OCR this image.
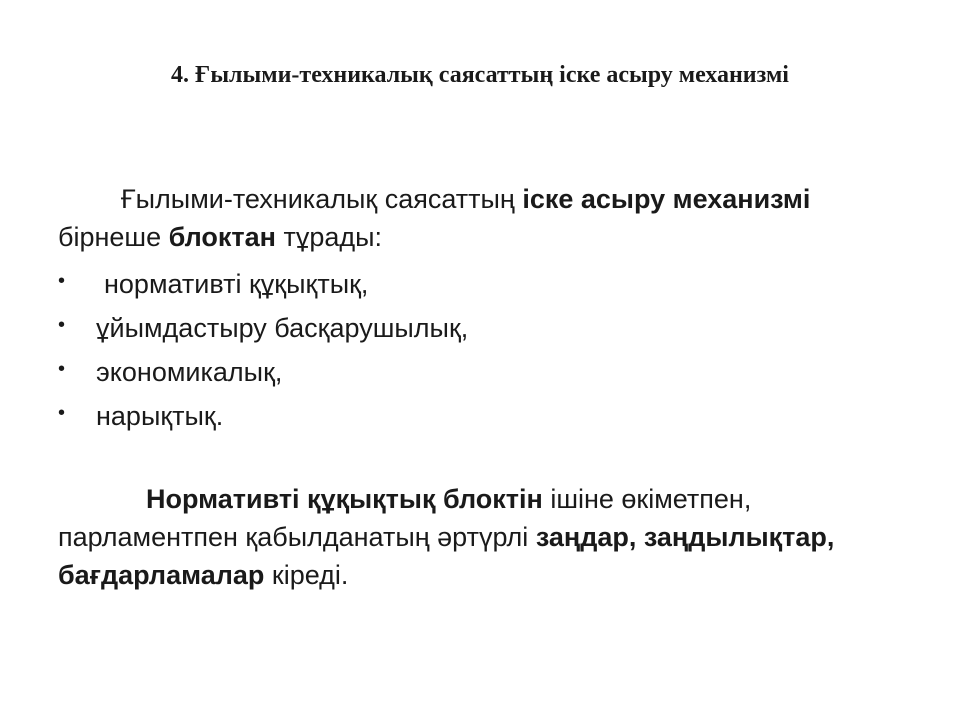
4. Ғылыми-техникалық саясаттың іске асыру механизмі

Ғылыми-техникалық саясаттың іске асыру механизмі бірнеше блоктан тұрады:

•	нормативті құқықтық,
•	ұйымдастыру басқарушылық,
•	экономикалық,
•	нарықтық.

Нормативті құқықтық блоктін ішіне өкіметпен, парламентпен қабылданатың әртүрлі заңдар, заңдылықтар, бағдарламалар кіреді.
